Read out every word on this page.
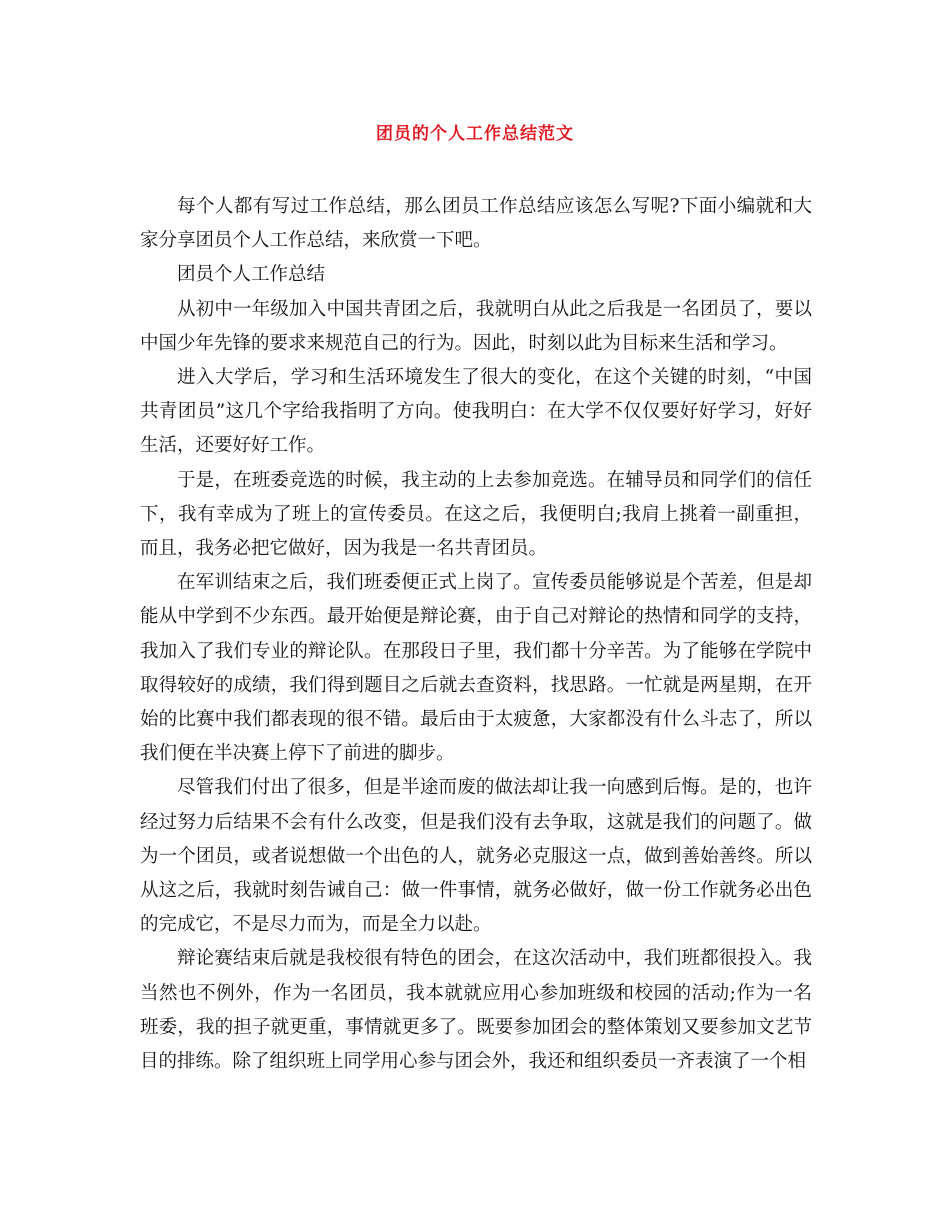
团员的个人工作总结范文

每个人都有写过工作总结，那么团员工作总结应该怎么写呢?下面小编就和大家分享团员个人工作总结，来欣赏一下吧。

团员个人工作总结

从初中一年级加入中国共青团之后，我就明白从此之后我是一名团员了，要以中国少年先锋的要求来规范自己的行为。因此，时刻以此为目标来生活和学习。

进入大学后，学习和生活环境发生了很大的变化，在这个关键的时刻，“中国共青团员”这几个字给我指明了方向。使我明白：在大学不仅仅要好好学习，好好生活，还要好好工作。

于是，在班委竞选的时候，我主动的上去参加竞选。在辅导员和同学们的信任下，我有幸成为了班上的宣传委员。在这之后，我便明白;我肩上挑着一副重担，而且，我务必把它做好，因为我是一名共青团员。

在军训结束之后，我们班委便正式上岗了。宣传委员能够说是个苦差，但是却能从中学到不少东西。最开始便是辩论赛，由于自己对辩论的热情和同学的支持，我加入了我们专业的辩论队。在那段日子里，我们都十分辛苦。为了能够在学院中取得较好的成绩，我们得到题目之后就去查资料，找思路。一忙就是两星期，在开始的比赛中我们都表现的很不错。最后由于太疲惫，大家都没有什么斗志了，所以我们便在半决赛上停下了前进的脚步。

尽管我们付出了很多，但是半途而废的做法却让我一向感到后悔。是的，也许经过努力后结果不会有什么改变，但是我们没有去争取，这就是我们的问题了。做为一个团员，或者说想做一个出色的人，就务必克服这一点，做到善始善终。所以从这之后，我就时刻告诫自己：做一件事情，就务必做好，做一份工作就务必出色的完成它，不是尽力而为，而是全力以赴。

辩论赛结束后就是我校很有特色的团会，在这次活动中，我们班都很投入。我当然也不例外，作为一名团员，我本就就应用心参加班级和校园的活动;作为一名班委，我的担子就更重，事情就更多了。既要参加团会的整体策划又要参加文艺节目的排练。除了组织班上同学用心参与团会外，我还和组织委员一齐表演了一个相
